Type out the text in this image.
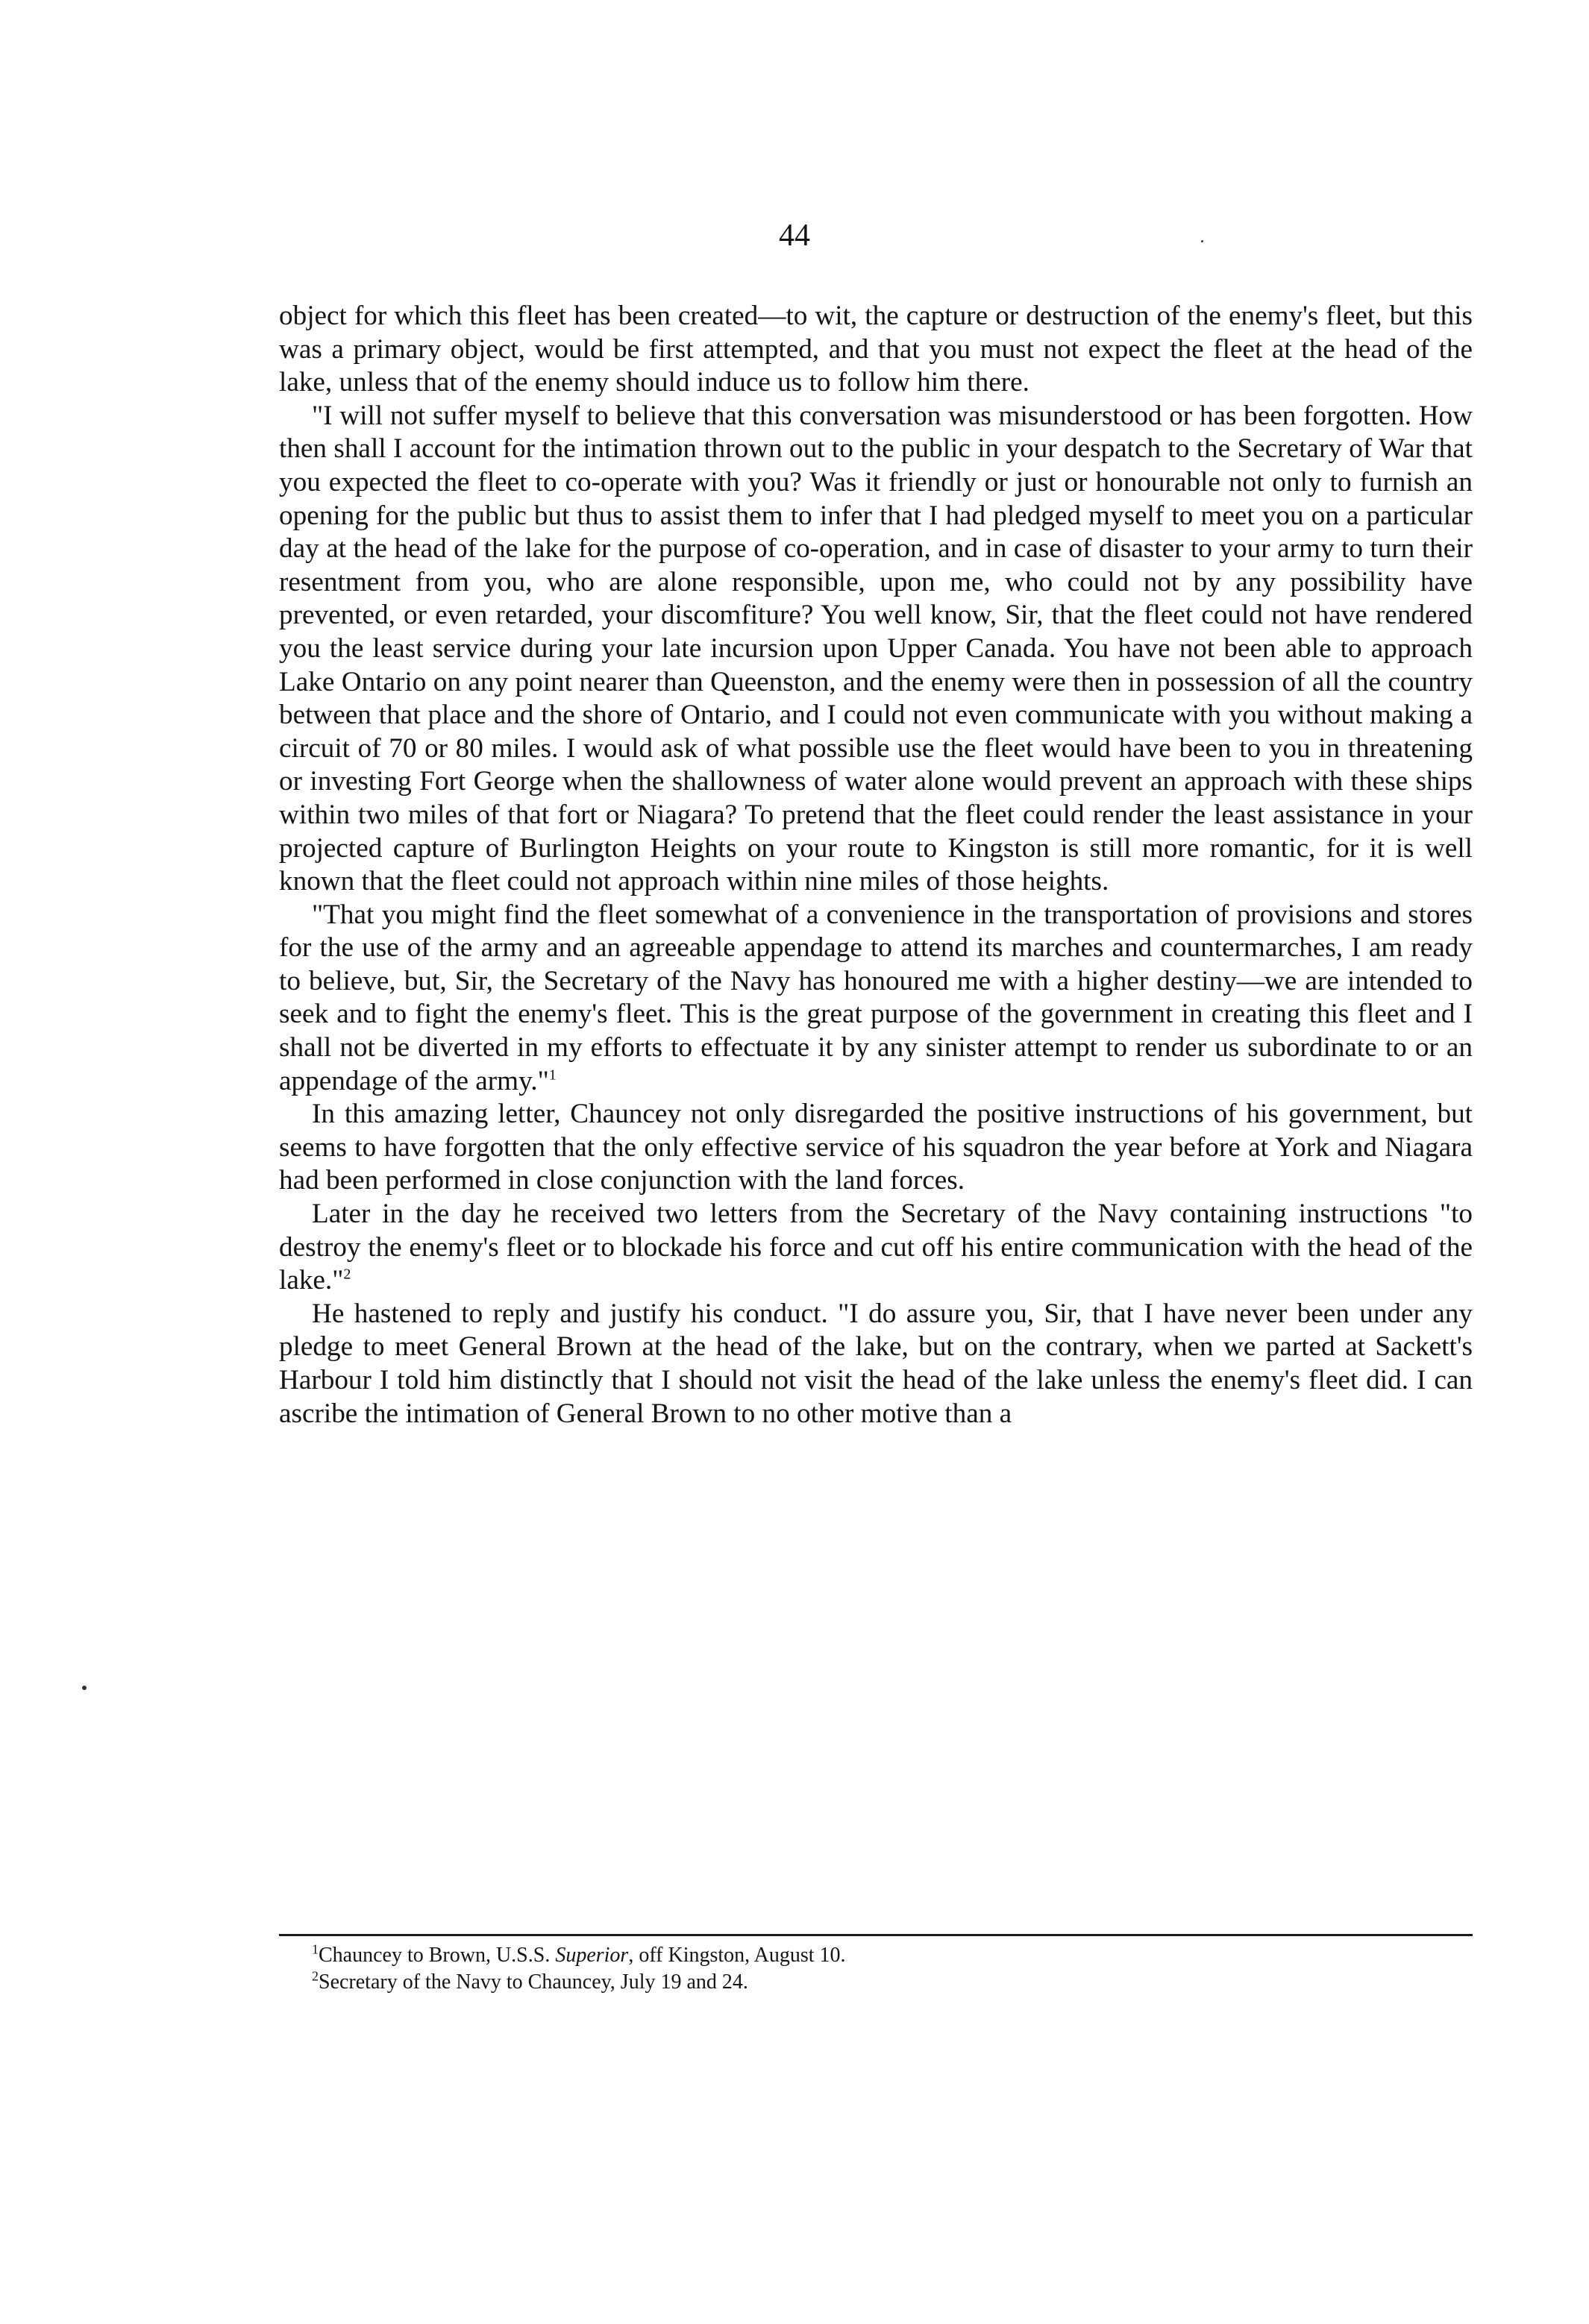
44

object for which this fleet has been created—to wit, the capture or destruction of the enemy's fleet, but this was a primary object, would be first attempted, and that you must not expect the fleet at the head of the lake, unless that of the enemy should induce us to follow him there.

"I will not suffer myself to believe that this conversation was misunderstood or has been forgotten. How then shall I account for the intimation thrown out to the public in your despatch to the Secretary of War that you expected the fleet to co-operate with you? Was it friendly or just or honourable not only to furnish an opening for the public but thus to assist them to infer that I had pledged myself to meet you on a particular day at the head of the lake for the purpose of co-operation, and in case of disaster to your army to turn their resentment from you, who are alone responsible, upon me, who could not by any possibility have prevented, or even retarded, your discomfiture? You well know, Sir, that the fleet could not have rendered you the least service during your late incursion upon Upper Canada. You have not been able to approach Lake Ontario on any point nearer than Queenston, and the enemy were then in possession of all the country between that place and the shore of Ontario, and I could not even communicate with you without making a circuit of 70 or 80 miles. I would ask of what possible use the fleet would have been to you in threatening or investing Fort George when the shallowness of water alone would prevent an approach with these ships within two miles of that fort or Niagara? To pretend that the fleet could render the least assistance in your projected capture of Burlington Heights on your route to Kingston is still more romantic, for it is well known that the fleet could not approach within nine miles of those heights.

"That you might find the fleet somewhat of a convenience in the transportation of provisions and stores for the use of the army and an agreeable appendage to attend its marches and countermarches, I am ready to believe, but, Sir, the Secretary of the Navy has honoured me with a higher destiny—we are intended to seek and to fight the enemy's fleet. This is the great purpose of the government in creating this fleet and I shall not be diverted in my efforts to effectuate it by any sinister attempt to render us subordinate to or an appendage of the army."$^1$

In this amazing letter, Chauncey not only disregarded the positive instructions of his government, but seems to have forgotten that the only effective service of his squadron the year before at York and Niagara had been performed in close conjunction with the land forces.

Later in the day he received two letters from the Secretary of the Navy containing instructions "to destroy the enemy's fleet or to blockade his force and cut off his entire communication with the head of the lake."$^2$

He hastened to reply and justify his conduct. "I do assure you, Sir, that I have never been under any pledge to meet General Brown at the head of the lake, but on the contrary, when we parted at Sackett's Harbour I told him distinctly that I should not visit the head of the lake unless the enemy's fleet did. I can ascribe the intimation of General Brown to no other motive than a

$^1$Chauncey to Brown, U.S.S. Superior, off Kingston, August 10.

$^2$Secretary of the Navy to Chauncey, July 19 and 24.
